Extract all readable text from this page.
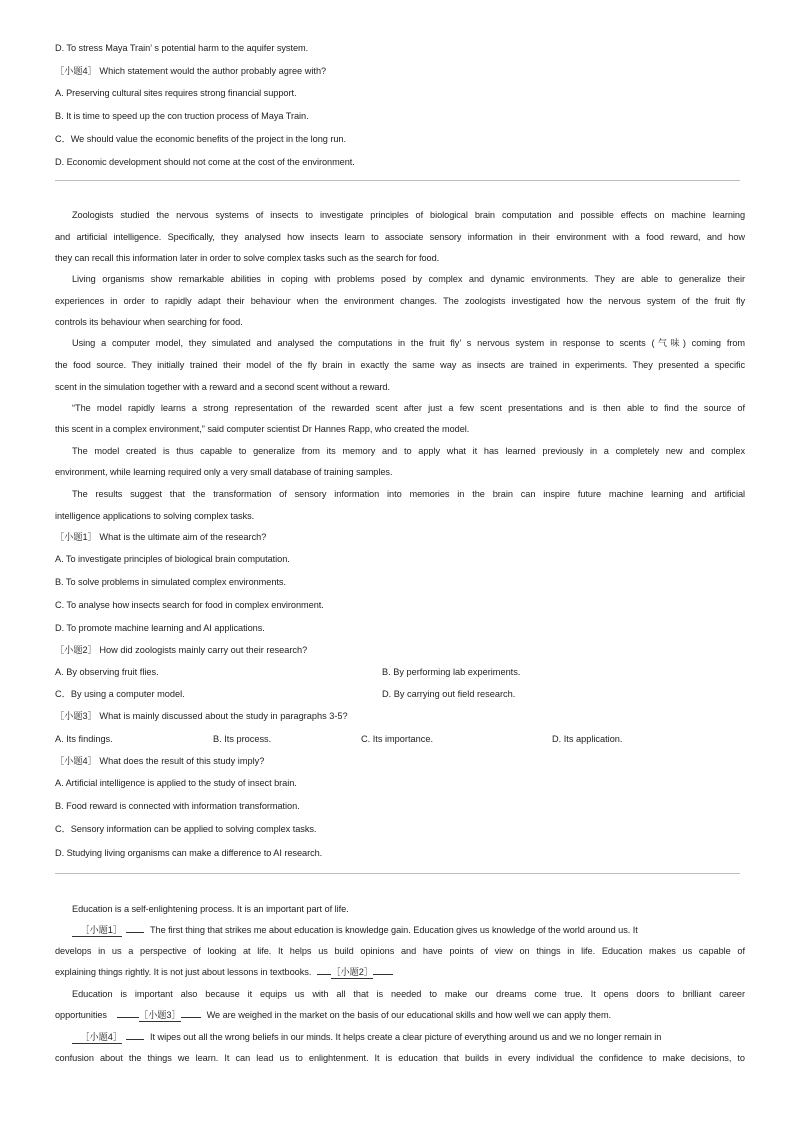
D. To stress Maya Train’ s potential harm to the aquifer system.
［小题4］ Which statement would the author probably agree with?
A. Preserving cultural sites requires strong financial support.
B. It is time to speed up the con truction process of Maya Train.
C．We should value the economic benefits of the project in the long run.
D. Economic development should not come at the cost of the environment.
Zoologists studied the nervous systems of insects to investigate principles of biological brain computation and possible effects on machine learning
and artificial intelligence. Specifically, they analysed how insects learn to associate sensory information in their environment with a food reward, and how
they can recall this information later in order to solve complex tasks such as the search for food.
Living organisms show remarkable abilities in coping with problems posed by complex and dynamic environments. They are able to generalize their
experiences in order to rapidly adapt their behaviour when the environment changes. The zoologists investigated how the nervous system of the fruit fly
controls its behaviour when searching for food.
Using a computer model, they simulated and analysed the computations in the fruit fly’ s nervous system in response to scents (气味) coming from
the food source. They initially trained their model of the fly brain in exactly the same way as insects are trained in experiments. They presented a specific
scent in the simulation together with a reward and a second scent without a reward.
“The model rapidly learns a strong representation of the rewarded scent after just a few scent presentations and is then able to find the source of
this scent in a complex environment,” said computer scientist Dr Hannes Rapp, who created the model.
The model created is thus capable to generalize from its memory and to apply what it has learned previously in a completely new and complex
environment, while learning required only a very small database of training samples.
The results suggest that the transformation of sensory information into memories in the brain can inspire future machine learning and artificial
intelligence applications to solving complex tasks.
［小题1］ What is the ultimate aim of the research?
A. To investigate principles of biological brain computation.
B. To solve problems in simulated complex environments.
C. To analyse how insects search for food in complex environment.
D. To promote machine learning and AI applications.
［小题2］ How did zoologists mainly carry out their research?
A. By observing fruit flies.	B. By performing lab experiments.
C．By using a computer model.	D. By carrying out field research.
［小题3］ What is mainly discussed about the study in paragraphs 3-5?
A. Its findings.	B. Its process.	C. Its importance.	D. Its application.
［小题4］ What does the result of this study imply?
A. Artificial intelligence is applied to the study of insect brain.
B. Food reward is connected with information transformation.
C．Sensory information can be applied to solving complex tasks.
D. Studying living organisms can make a difference to AI research.
Education is a self-enlightening process. It is an important part of life.
［小题1］	The first thing that strikes me about education is knowledge gain. Education gives us knowledge of the world around us. It
develops in us a perspective of looking at life. It helps us build opinions and have points of view on things in life. Education makes us capable of
explaining things rightly. It is not just about lessons in textbooks. ［小题2］
Education is important also because it equips us with all that is needed to make our dreams come true. It opens doors to brilliant career
opportunities	［小题3］	We are weighed in the market on the basis of our educational skills and how well we can apply them.
［小题4］	It wipes out all the wrong beliefs in our minds. It helps create a clear picture of everything around us and we no longer remain in
confusion about the things we learn. It can lead us to enlightenment. It is education that builds in every individual the confidence to make decisions, to
